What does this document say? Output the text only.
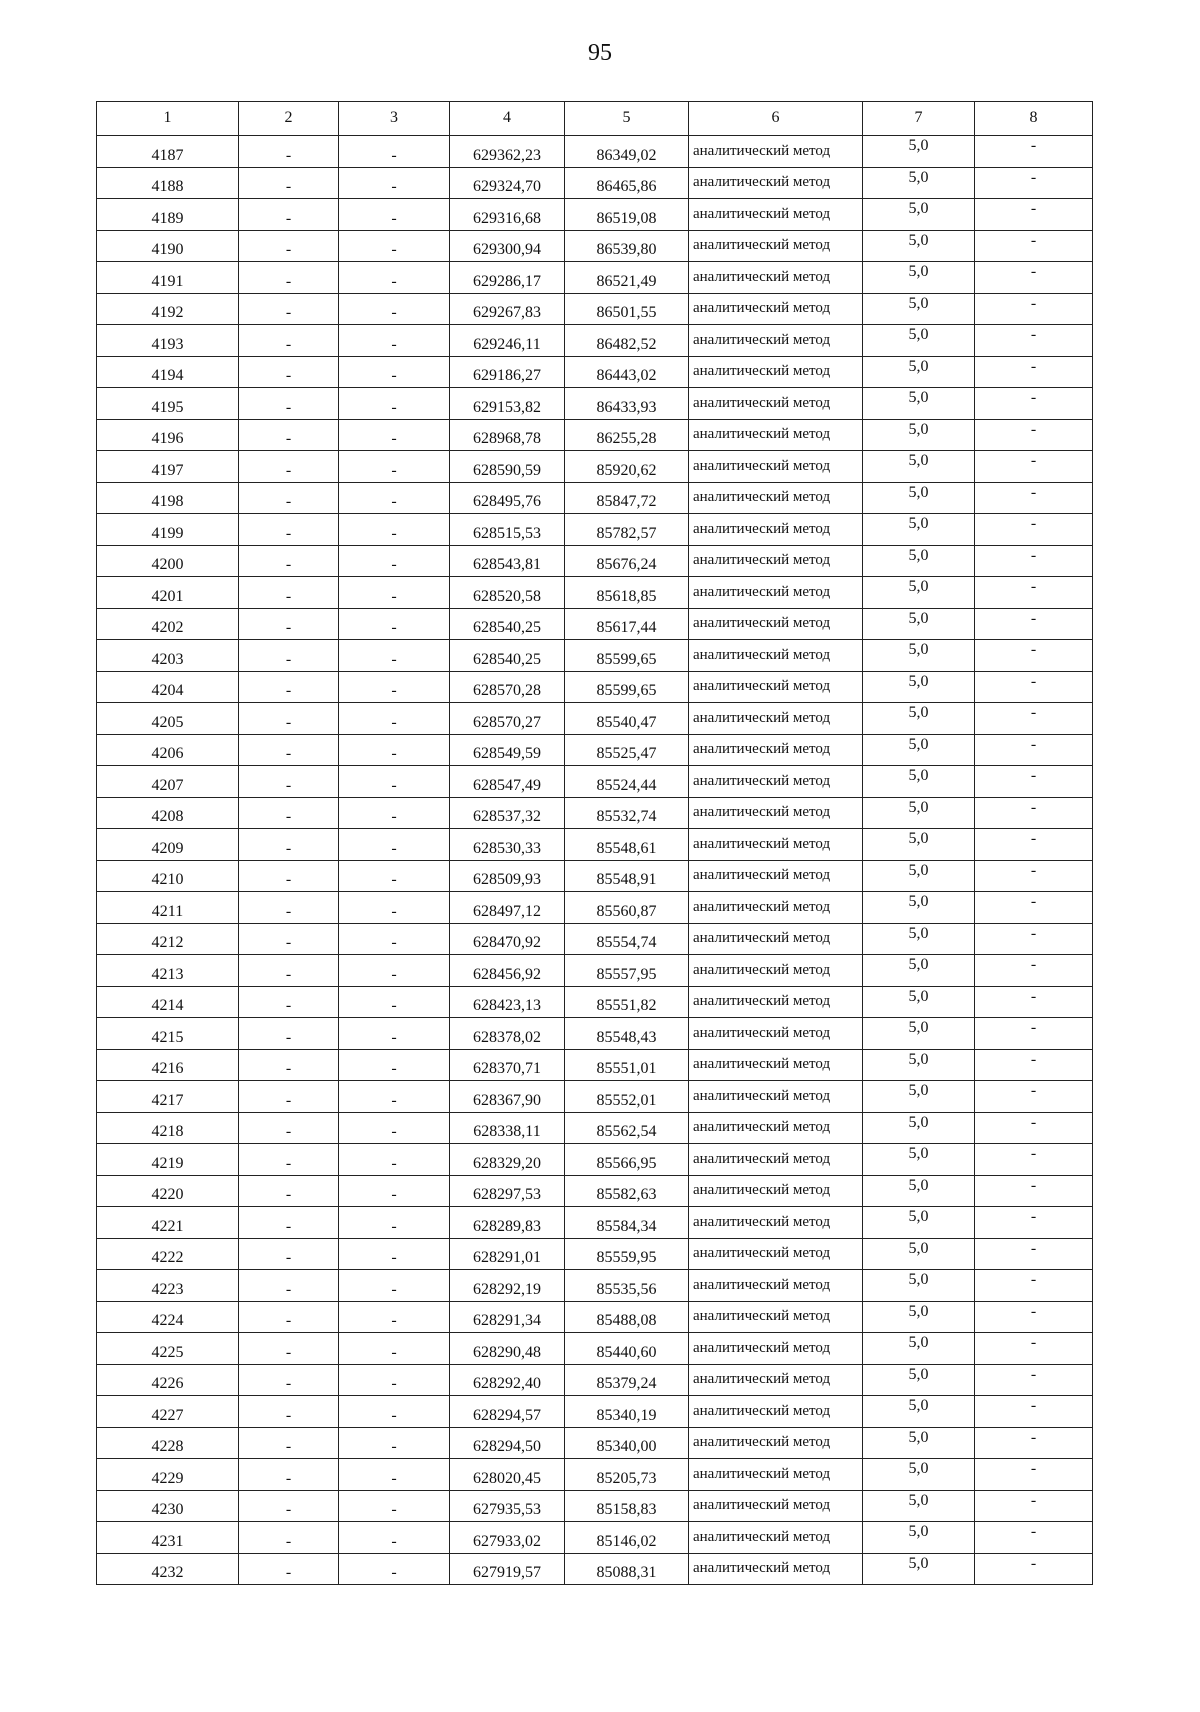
95
1	2	3	4	5	6	7	8
4187	-	-	629362,23	86349,02	аналитический метод	5,0	-
4188	-	-	629324,70	86465,86	аналитический метод	5,0	-
4189	-	-	629316,68	86519,08	аналитический метод	5,0	-
4190	-	-	629300,94	86539,80	аналитический метод	5,0	-
4191	-	-	629286,17	86521,49	аналитический метод	5,0	-
4192	-	-	629267,83	86501,55	аналитический метод	5,0	-
4193	-	-	629246,11	86482,52	аналитический метод	5,0	-
4194	-	-	629186,27	86443,02	аналитический метод	5,0	-
4195	-	-	629153,82	86433,93	аналитический метод	5,0	-
4196	-	-	628968,78	86255,28	аналитический метод	5,0	-
4197	-	-	628590,59	85920,62	аналитический метод	5,0	-
4198	-	-	628495,76	85847,72	аналитический метод	5,0	-
4199	-	-	628515,53	85782,57	аналитический метод	5,0	-
4200	-	-	628543,81	85676,24	аналитический метод	5,0	-
4201	-	-	628520,58	85618,85	аналитический метод	5,0	-
4202	-	-	628540,25	85617,44	аналитический метод	5,0	-
4203	-	-	628540,25	85599,65	аналитический метод	5,0	-
4204	-	-	628570,28	85599,65	аналитический метод	5,0	-
4205	-	-	628570,27	85540,47	аналитический метод	5,0	-
4206	-	-	628549,59	85525,47	аналитический метод	5,0	-
4207	-	-	628547,49	85524,44	аналитический метод	5,0	-
4208	-	-	628537,32	85532,74	аналитический метод	5,0	-
4209	-	-	628530,33	85548,61	аналитический метод	5,0	-
4210	-	-	628509,93	85548,91	аналитический метод	5,0	-
4211	-	-	628497,12	85560,87	аналитический метод	5,0	-
4212	-	-	628470,92	85554,74	аналитический метод	5,0	-
4213	-	-	628456,92	85557,95	аналитический метод	5,0	-
4214	-	-	628423,13	85551,82	аналитический метод	5,0	-
4215	-	-	628378,02	85548,43	аналитический метод	5,0	-
4216	-	-	628370,71	85551,01	аналитический метод	5,0	-
4217	-	-	628367,90	85552,01	аналитический метод	5,0	-
4218	-	-	628338,11	85562,54	аналитический метод	5,0	-
4219	-	-	628329,20	85566,95	аналитический метод	5,0	-
4220	-	-	628297,53	85582,63	аналитический метод	5,0	-
4221	-	-	628289,83	85584,34	аналитический метод	5,0	-
4222	-	-	628291,01	85559,95	аналитический метод	5,0	-
4223	-	-	628292,19	85535,56	аналитический метод	5,0	-
4224	-	-	628291,34	85488,08	аналитический метод	5,0	-
4225	-	-	628290,48	85440,60	аналитический метод	5,0	-
4226	-	-	628292,40	85379,24	аналитический метод	5,0	-
4227	-	-	628294,57	85340,19	аналитический метод	5,0	-
4228	-	-	628294,50	85340,00	аналитический метод	5,0	-
4229	-	-	628020,45	85205,73	аналитический метод	5,0	-
4230	-	-	627935,53	85158,83	аналитический метод	5,0	-
4231	-	-	627933,02	85146,02	аналитический метод	5,0	-
4232	-	-	627919,57	85088,31	аналитический метод	5,0	-
